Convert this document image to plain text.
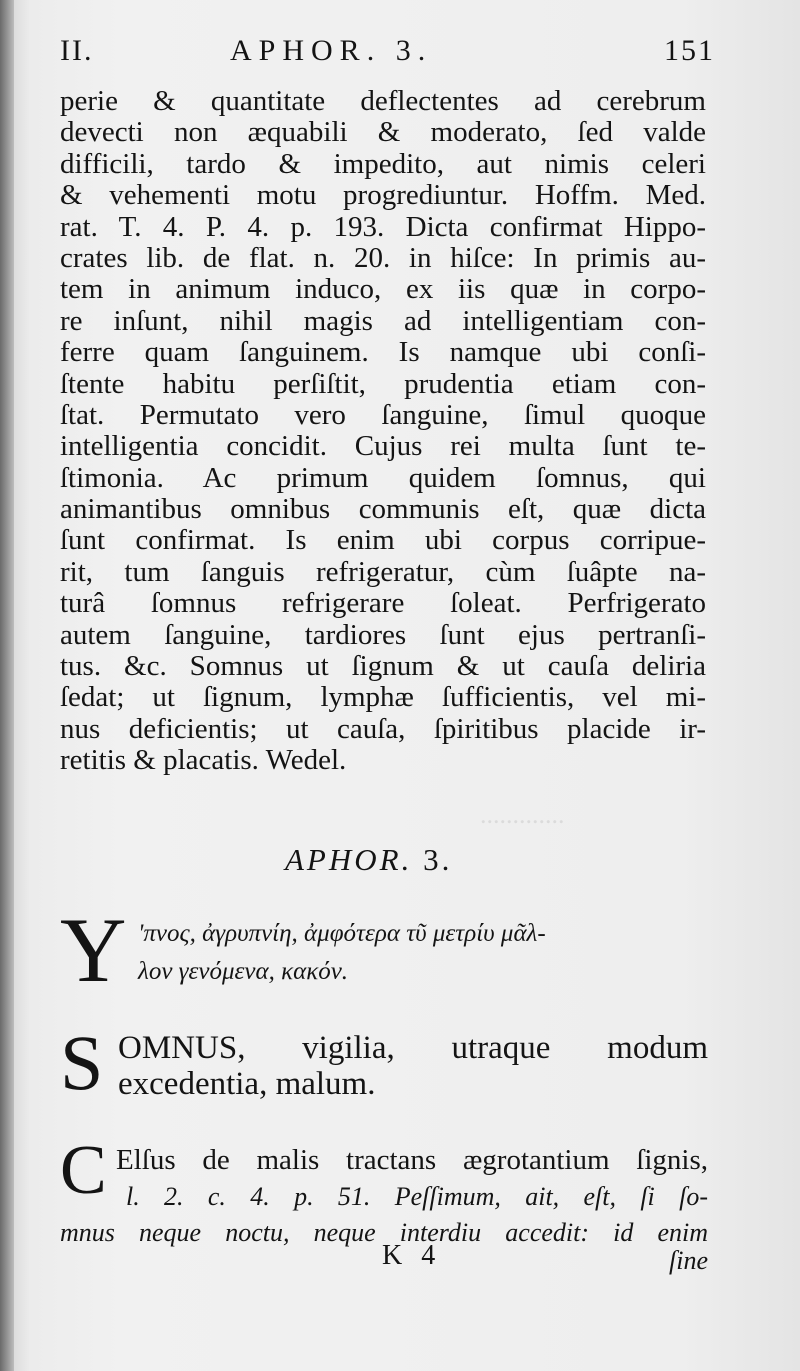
.............
II.	APHOR. 3.	151
perie & quantitate deflectentes ad cerebrum
devecti non æquabili & moderato, ſed valde
difficili, tardo & impedito, aut nimis celeri
& vehementi motu progrediuntur. Hoffm. Med.
rat. T. 4. P. 4. p. 193. Dicta confirmat Hippo-
crates lib. de flat. n. 20. in hiſce: In primis au-
tem in animum induco, ex iis quæ in corpo-
re inſunt, nihil magis ad intelligentiam con-
ferre quam ſanguinem. Is namque ubi conſi-
ſtente habitu perſiſtit, prudentia etiam con-
ſtat. Permutato vero ſanguine, ſimul quoque
intelligentia concidit. Cujus rei multa ſunt te-
ſtimonia. Ac primum quidem ſomnus, qui
animantibus omnibus communis eſt, quæ dicta
ſunt confirmat. Is enim ubi corpus corripue-
rit, tum ſanguis refrigeratur, cùm ſuâpte na-
turâ ſomnus refrigerare ſoleat. Perfrigerato
autem ſanguine, tardiores ſunt ejus pertranſi-
tus. &c. Somnus ut ſignum & ut cauſa deliria
ſedat; ut ſignum, lymphæ ſufficientis, vel mi-
nus deficientis; ut cauſa, ſpiritibus placide ir-
retitis & placatis. Wedel.
APHOR. 3.
Y 'πνος, ἀγρυπνίη, ἀμφότερα τῦ μετρίυ μᾶλ-
λον γενόμενα, κακόν.
S OMNUS, vigilia, utraque modum
excedentia, malum.
C Elſus de malis tractans ægrotantium ſignis,
l. 2. c. 4. p. 51. Peſſimum, ait, eſt, ſi ſo-
mnus neque noctu, neque interdiu accedit: id enim
K 4	ſine
